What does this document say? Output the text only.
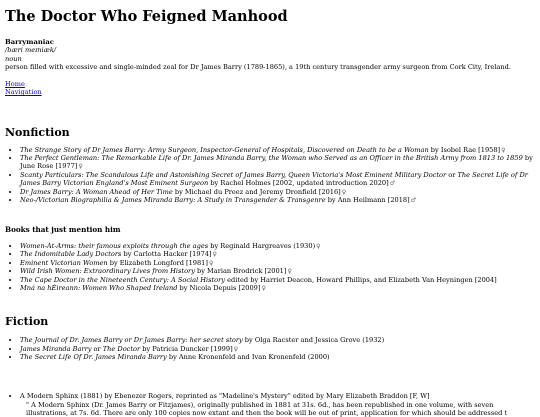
The Doctor Who Feigned Manhood
Barrymaniac
/bæri meɪniæk/
noun

person filled with excessive and single-minded zeal for Dr James Barry (1789-1865), a 19th century transgender army surgeon from Cork City, Ireland.

Home
Navigation
Nonfiction
• The Strange Story of Dr James Barry: Army Surgeon, Inspector-General of Hospitals, Discovered on Death to be a Woman by Isobel Rae [1958]♀
• The Perfect Gentleman: The Remarkable Life of Dr. James Miranda Barry, the Woman who Served as an Officer in the British Army from 1813 to 1859 by June Rose [1977]♀
• Scanty Particulars: The Scandalous Life and Astonishing Secret of James Barry, Queen Victoria's Most Eminent Military Doctor or The Secret Life of Dr James Barry Victorian England's Most Eminent Surgeon by Rachel Holmes [2002, updated introduction 2020]♂
• Dr James Barry: A Woman Ahead of Her Time by Michael du Preez and Jeremy Dronfield [2016]♀
• Neo-/Victorian Biographilia & James Miranda Barry: A Study in Transgender & Transgenre by Ann Heilmann [2018]♂
Books that just mention him
• Women-At-Arms: their famous exploits through the ages by Reginald Hargreaves (1930)♀
• The Indomitable Lady Doctors by Carlotta Hacker [1974]♀
• Eminent Victorian Women by Elizabeth Longford [1981]♀
• Wild Irish Women: Extraordinary Lives from History by Marian Brodrick [2001]♀
• The Cape Doctor in the Nineteenth Century: A Social History edited by Harriet Deacon, Howard Phillips, and Elizabeth Van Heyningen [2004]
• Mná na hÉireann: Women Who Shaped Ireland by Nicola Depuis [2009]♀
Fiction
• The Journal of Dr. James Barry or Dr James Barry: her secret story by Olga Racster and Jessica Grove (1932)
• James Miranda Barry or The Doctor by Patricia Duncker [1999]♀
• The Secret Life Of Dr. James Miranda Barry by Anne Kronenfeld and Ivan Kronenfeld (2000)
• A Modern Sphinx (1881) by Ebenezer Rogers, reprinted as "Madeline's Mystery" edited by Mary Elizabeth Braddon [F, W]
" A Modern Sphinx (Dr. James Barry or Fitzjames), originally published in 1881 at 31s. 6d., has been republished in one volume, with seven illustrations, at 7s. 6d. There are only 100 copies now extant and then the book will be out of print, application for which should be addressed t
